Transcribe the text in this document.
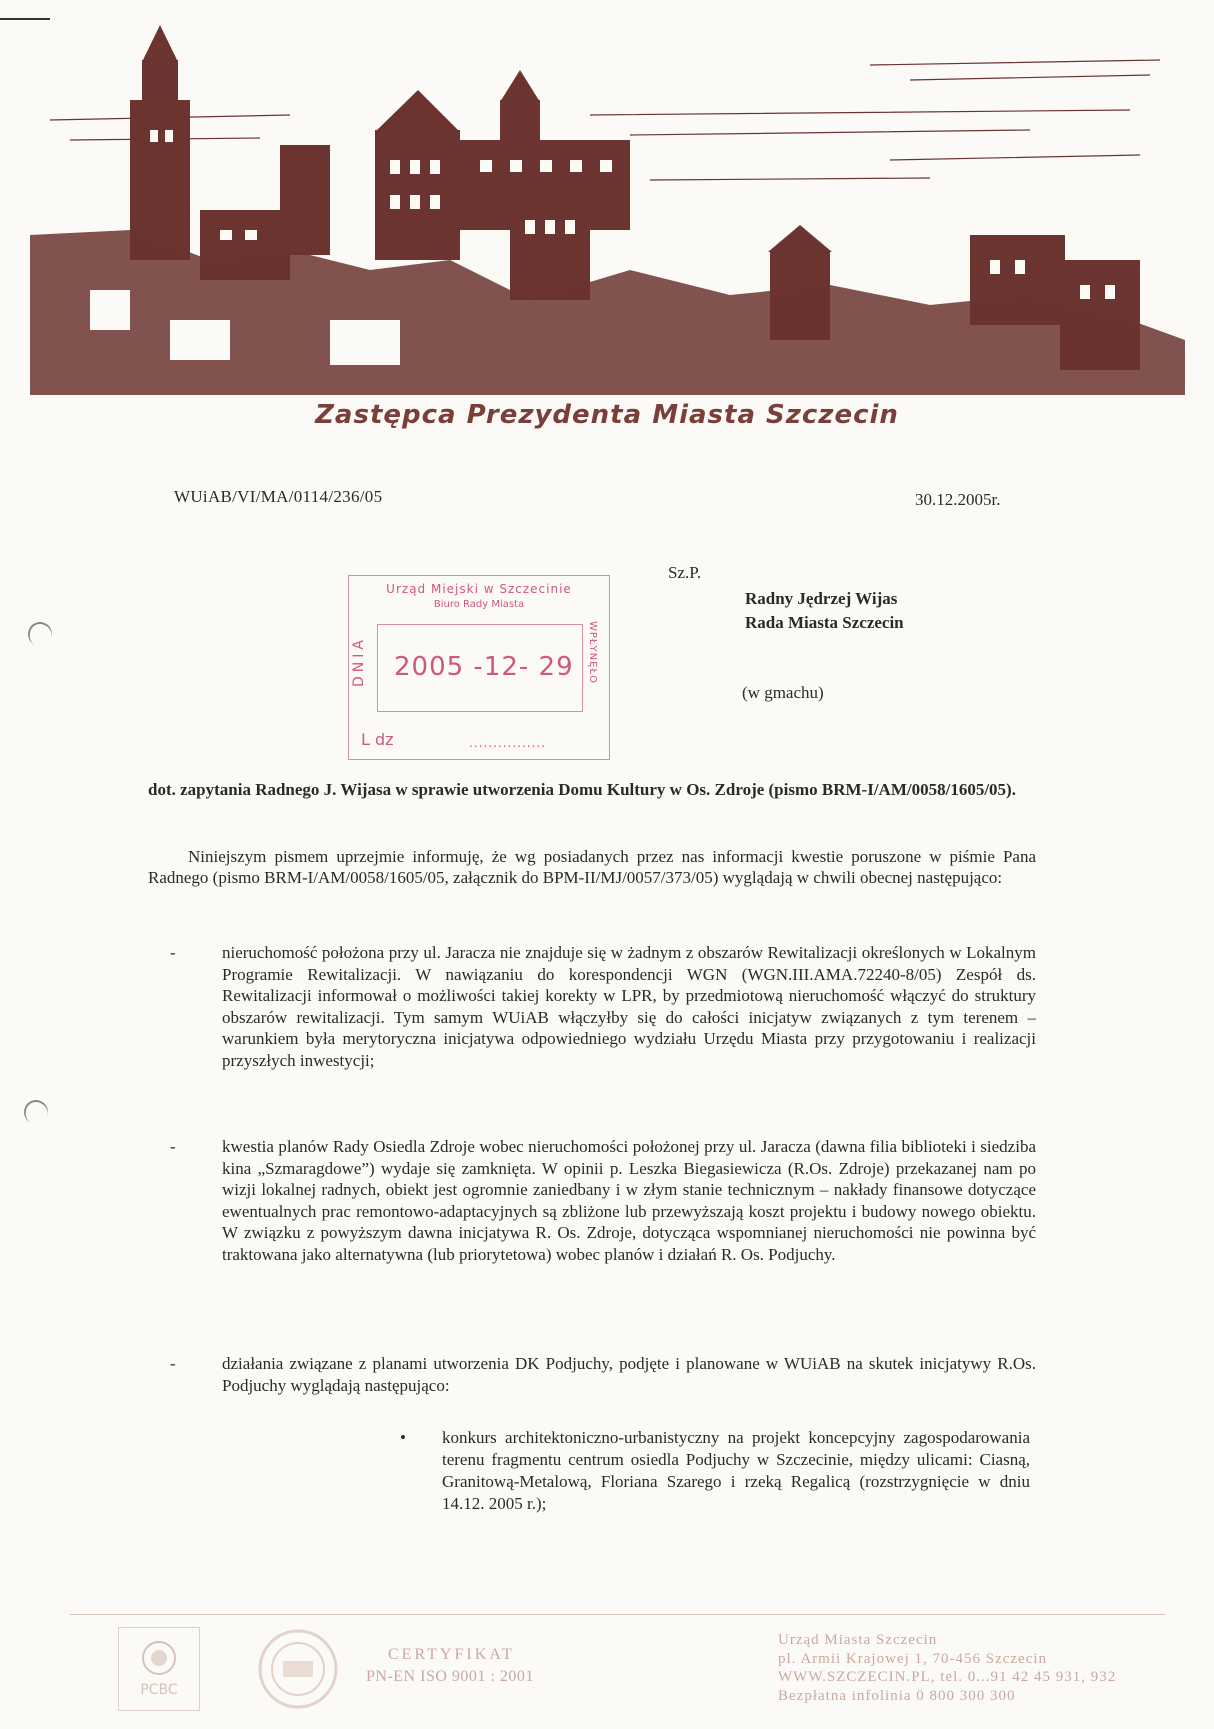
Zastępca Prezydenta Miasta Szczecin
WUiAB/VI/MA/0114/236/05	30.12.2005r.
Urząd Miejski w Szczecinie
Biuro Rady Miasta
DNIA 2005 -12- 29 WPŁYNĘŁO
L dz	................
Sz.P.
Radny Jędrzej Wijas
Rada Miasta Szczecin
(w gmachu)
dot. zapytania Radnego J. Wijasa w sprawie utworzenia Domu Kultury w Os. Zdroje (pismo BRM-I/AM/0058/1605/05).
Niniejszym pismem uprzejmie informuję, że wg posiadanych przez nas informacji kwestie poruszone w piśmie Pana Radnego (pismo BRM-I/AM/0058/1605/05, załącznik do BPM-II/MJ/0057/373/05) wyglądają w chwili obecnej następująco:
-	nieruchomość położona przy ul. Jaracza nie znajduje się w żadnym z obszarów Rewitalizacji określonych w Lokalnym Programie Rewitalizacji. W nawiązaniu do korespondencji WGN (WGN.III.AMA.72240-8/05) Zespół ds. Rewitalizacji informował o możliwości takiej korekty w LPR, by przedmiotową nieruchomość włączyć do struktury obszarów rewitalizacji. Tym samym WUiAB włączyłby się do całości inicjatyw związanych z tym terenem – warunkiem była merytoryczna inicjatywa odpowiedniego wydziału Urzędu Miasta przy przygotowaniu i realizacji przyszłych inwestycji;
-	kwestia planów Rady Osiedla Zdroje wobec nieruchomości położonej przy ul. Jaracza (dawna filia biblioteki i siedziba kina „Szmaragdowe”) wydaje się zamknięta. W opinii p. Leszka Biegasiewicza (R.Os. Zdroje) przekazanej nam po wizji lokalnej radnych, obiekt jest ogromnie zaniedbany i w złym stanie technicznym – nakłady finansowe dotyczące ewentualnych prac remontowo-adaptacyjnych są zbliżone lub przewyższają koszt projektu i budowy nowego obiektu. W związku z powyższym dawna inicjatywa R. Os. Zdroje, dotycząca wspomnianej nieruchomości nie powinna być traktowana jako alternatywna (lub priorytetowa) wobec planów i działań R. Os. Podjuchy.
-	działania związane z planami utworzenia DK Podjuchy, podjęte i planowane w WUiAB na skutek inicjatywy R.Os. Podjuchy wyglądają następująco:
• konkurs architektoniczno-urbanistyczny na projekt koncepcyjny zagospodarowania terenu fragmentu centrum osiedla Podjuchy w Szczecinie, między ulicami: Ciasną, Granitową-Metalową, Floriana Szarego i rzeką Regalicą (rozstrzygnięcie w dniu 14.12. 2005 r.);
PCBC
CERTYFIKAT
PN-EN ISO 9001 : 2001
Urząd Miasta Szczecin
pl. Armii Krajowej 1, 70-456 Szczecin
WWW.SZCZECIN.PL, tel. 0...91 42 45 931, 932
Bezpłatna infolinia 0 800 300 300
